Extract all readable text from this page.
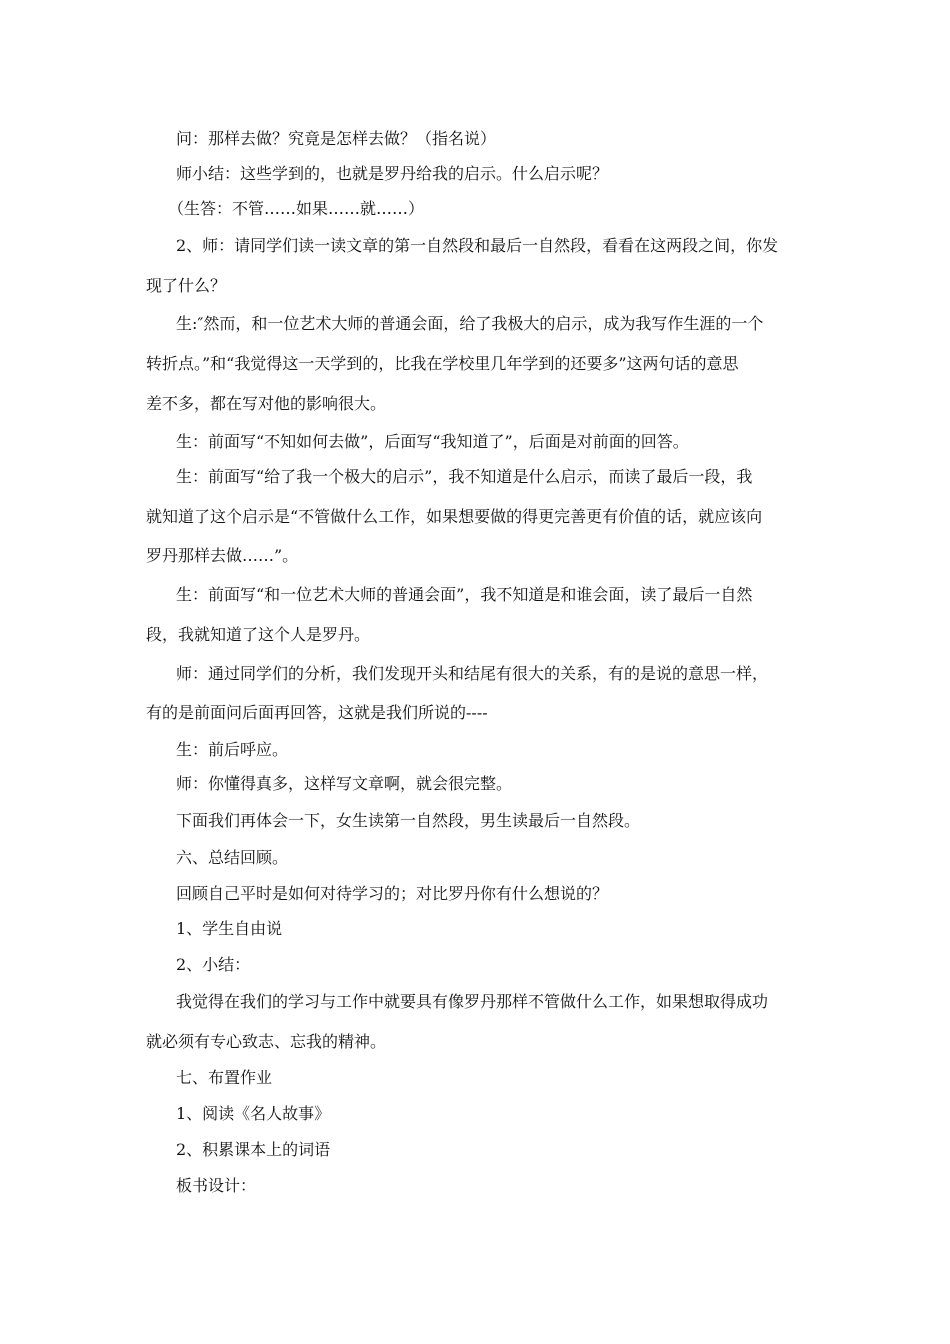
问：那样去做？究竟是怎样去做？（指名说）
师小结：这些学到的，也就是罗丹给我的启示。什么启示呢？
（生答：不管……如果……就……）
2、师：请同学们读一读文章的第一自然段和最后一自然段，看看在这两段之间，你发
现了什么？
生:″然而，和一位艺术大师的普通会面，给了我极大的启示，成为我写作生涯的一个
转折点。”和“我觉得这一天学到的，比我在学校里几年学到的还要多”这两句话的意思
差不多，都在写对他的影响很大。
生：前面写“不知如何去做”，后面写“我知道了”，后面是对前面的回答。
生：前面写“给了我一个极大的启示”，我不知道是什么启示，而读了最后一段，我
就知道了这个启示是“不管做什么工作，如果想要做的得更完善更有价值的话，就应该向
罗丹那样去做……”。
生：前面写“和一位艺术大师的普通会面”，我不知道是和谁会面，读了最后一自然
段，我就知道了这个人是罗丹。
师：通过同学们的分析，我们发现开头和结尾有很大的关系，有的是说的意思一样，
有的是前面问后面再回答，这就是我们所说的----
生：前后呼应。
师：你懂得真多，这样写文章啊，就会很完整。
下面我们再体会一下，女生读第一自然段，男生读最后一自然段。
六、总结回顾。
回顾自己平时是如何对待学习的；对比罗丹你有什么想说的？
1、学生自由说
2、小结：
我觉得在我们的学习与工作中就要具有像罗丹那样不管做什么工作，如果想取得成功
就必须有专心致志、忘我的精神。
七、布置作业
1、阅读《名人故事》
2、积累课本上的词语
板书设计：
